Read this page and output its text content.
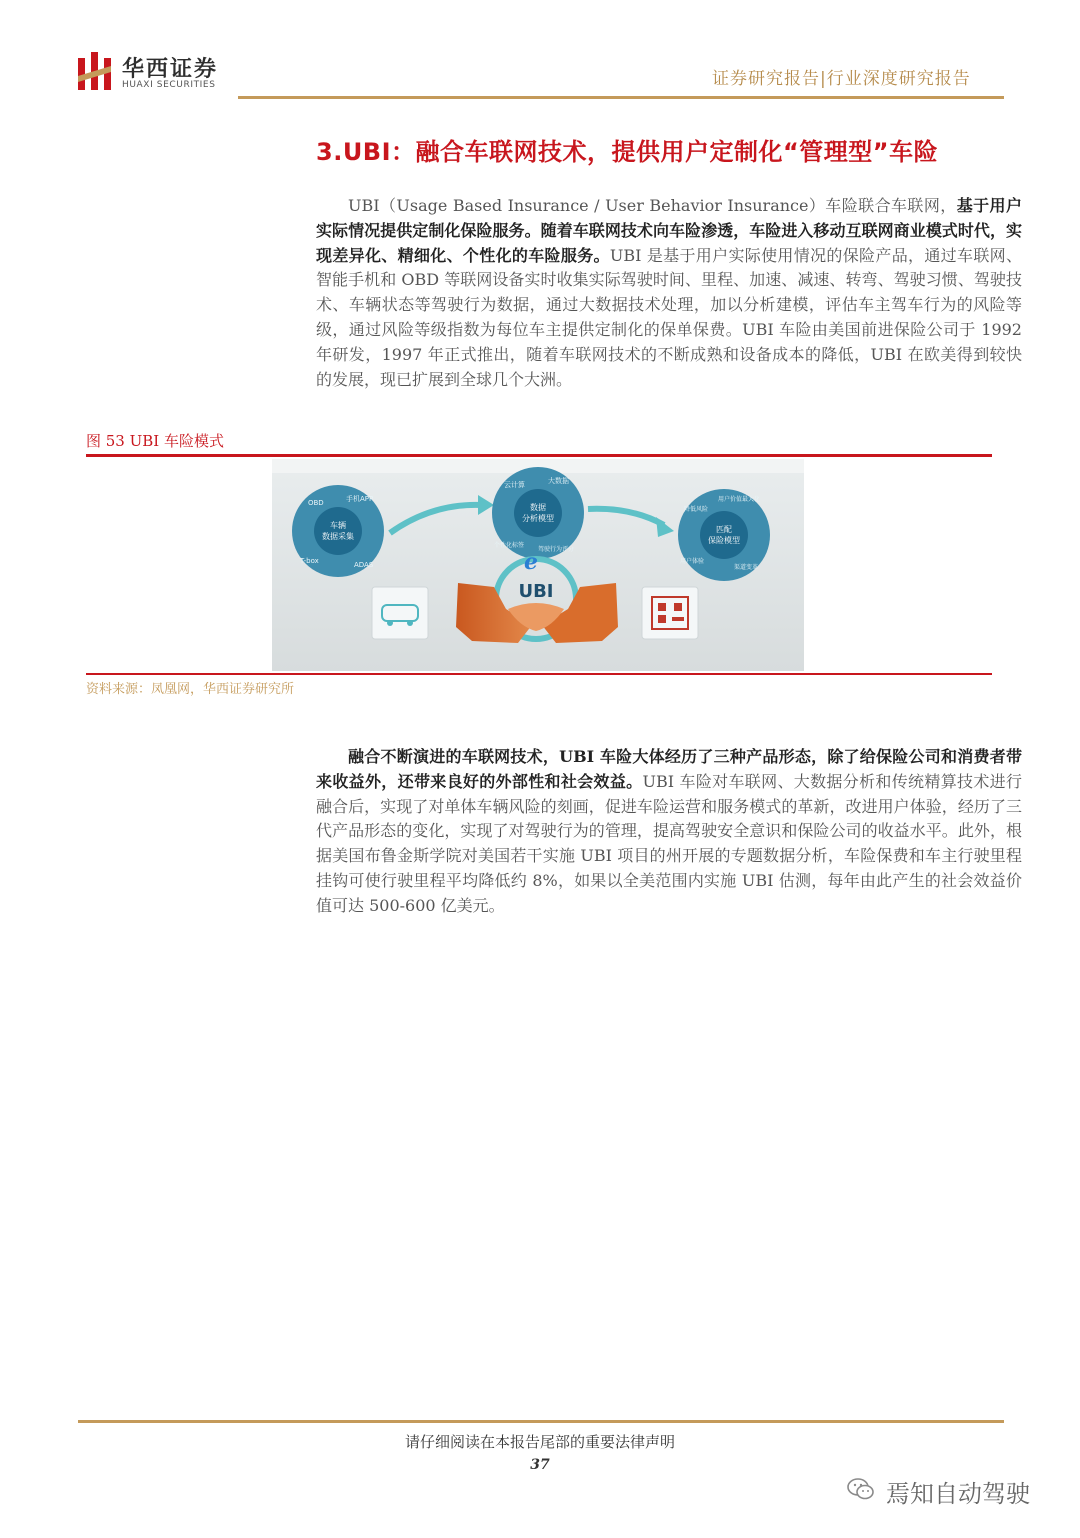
华西证券
HUAXI SECURITIES	证券研究报告|行业深度研究报告
3.UBI：融合车联网技术，提供用户定制化“管理型”车险
UBI（Usage Based Insurance / User Behavior Insurance）车险联合车联网，基于用户实际情况提供定制化保险服务。随着车联网技术向车险渗透，车险进入移动互联网商业模式时代，实现差异化、精细化、个性化的车险服务。UBI 是基于用户实际使用情况的保险产品，通过车联网、智能手机和 OBD 等联网设备实时收集实际驾驶时间、里程、加速、减速、转弯、驾驶习惯、驾驶技术、车辆状态等驾驶行为数据，通过大数据技术处理，加以分析建模，评估车主驾车行为的风险等级，通过风险等级指数为每位车主提供定制化的保单保费。UBI 车险由美国前进保险公司于 1992 年研发，1997 年正式推出，随着车联网技术的不断成熟和设备成本的降低，UBI 在欧美得到较快的发展，现已扩展到全球几个大洲。
图 53 UBI 车险模式
车辆
数据采集
OBD	手机APP
T-box	ADAS
数据
分析模型
云计算	大数据
个性化标签
驾驶行为评分
匹配
保险模型
降低风险
用户价值最大化
用户体验
渠道变革
UBI
e
资料来源：凤凰网，华西证券研究所
融合不断演进的车联网技术，UBI 车险大体经历了三种产品形态，除了给保险公司和消费者带来收益外，还带来良好的外部性和社会效益。UBI 车险对车联网、大数据分析和传统精算技术进行融合后，实现了对单体车辆风险的刻画，促进车险运营和服务模式的革新，改进用户体验，经历了三代产品形态的变化，实现了对驾驶行为的管理，提高驾驶安全意识和保险公司的收益水平。此外，根据美国布鲁金斯学院对美国若干实施 UBI 项目的州开展的专题数据分析，车险保费和车主行驶里程挂钩可使行驶里程平均降低约 8%，如果以全美范围内实施 UBI 估测，每年由此产生的社会效益价值可达 500-600 亿美元。
请仔细阅读在本报告尾部的重要法律声明
37
焉知自动驾驶
